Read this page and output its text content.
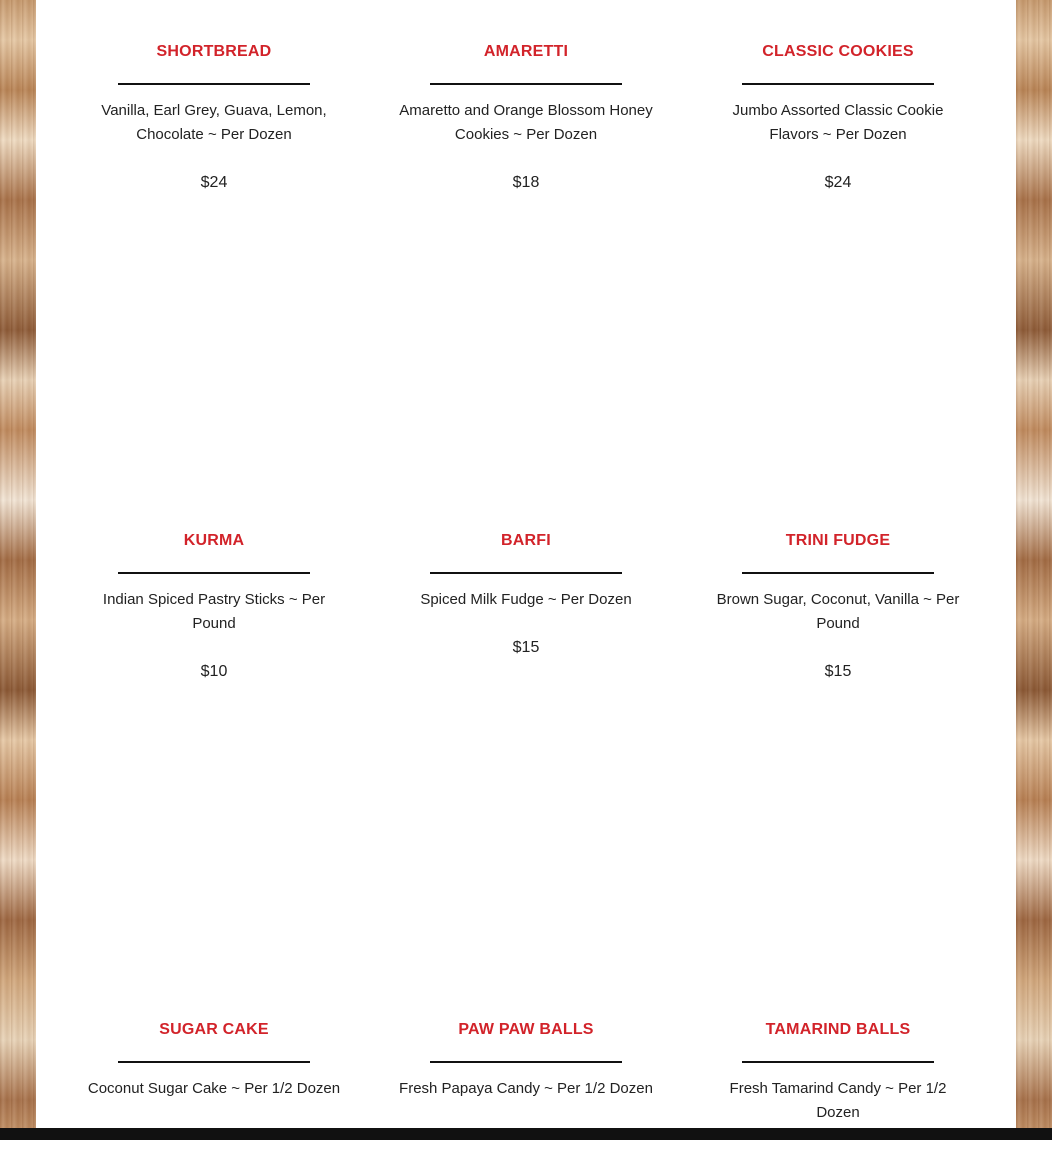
SHORTBREAD
Vanilla, Earl Grey, Guava, Lemon, Chocolate ~ Per Dozen
$24
AMARETTI
Amaretto and Orange Blossom Honey Cookies ~ Per Dozen
$18
CLASSIC COOKIES
Jumbo Assorted Classic Cookie Flavors ~ Per Dozen
$24
KURMA
Indian Spiced Pastry Sticks ~ Per Pound
$10
BARFI
Spiced Milk Fudge ~ Per Dozen
$15
TRINI FUDGE
Brown Sugar, Coconut, Vanilla ~ Per Pound
$15
SUGAR CAKE
Coconut Sugar Cake ~ Per 1/2 Dozen
PAW PAW BALLS
Fresh Papaya Candy ~ Per 1/2 Dozen
TAMARIND BALLS
Fresh Tamarind Candy ~ Per 1/2 Dozen
